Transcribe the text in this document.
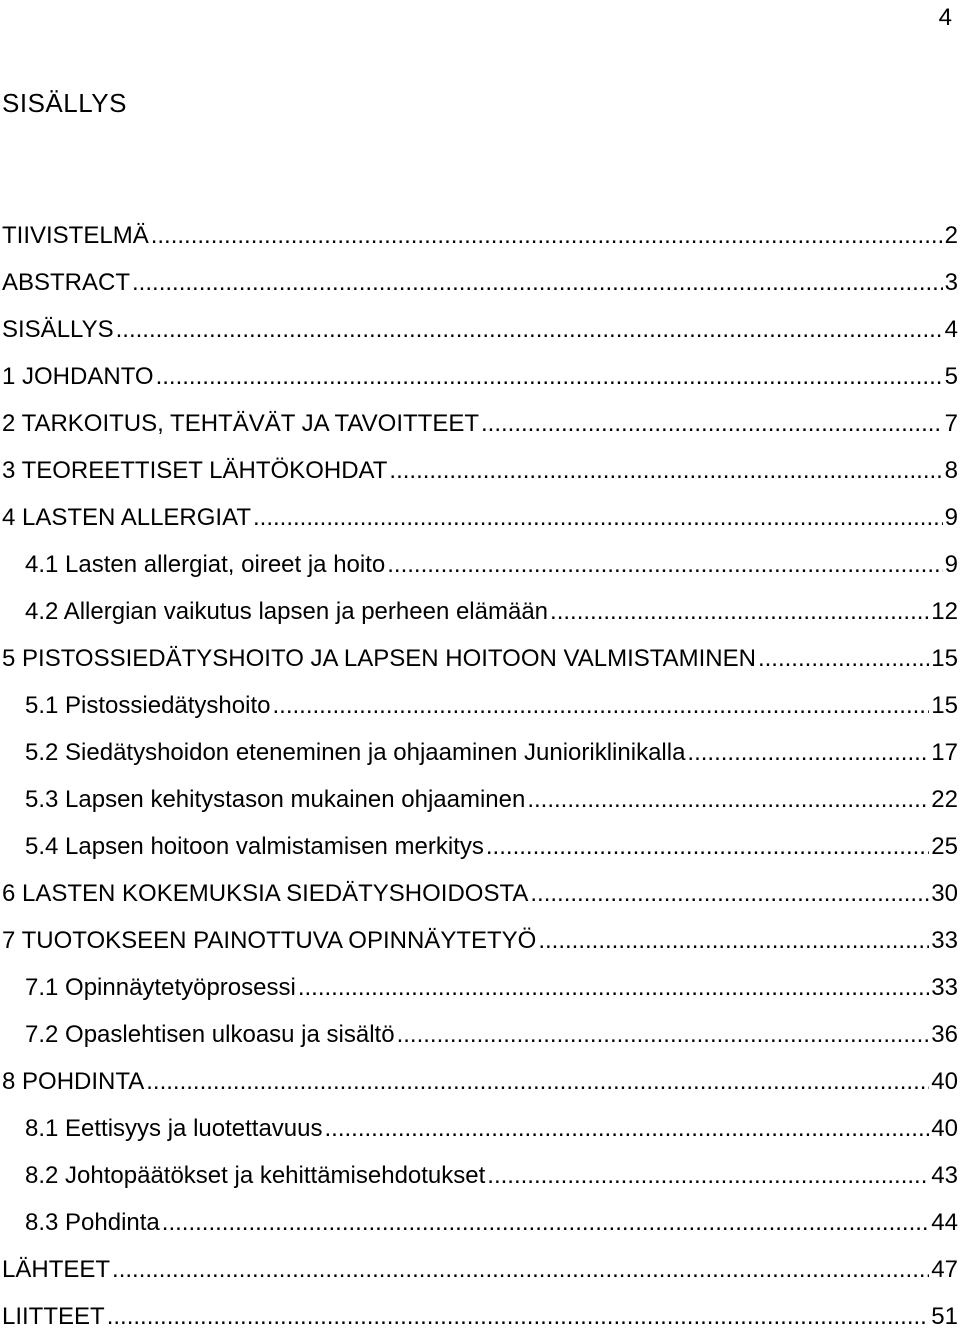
4
SISÄLLYS
TIIVISTELMÄ .....	2
ABSTRACT .....	3
SISÄLLYS .....	4
1 JOHDANTO .....	5
2 TARKOITUS, TEHTÄVÄT JA TAVOITTEET .....	7
3 TEOREETTISET LÄHTÖKOHDAT .....	8
4 LASTEN ALLERGIAT .....	9
4.1 Lasten allergiat, oireet ja hoito .....	9
4.2 Allergian vaikutus lapsen ja perheen elämään .....	12
5 PISTOSSIEDÄTYSHOITO JA LAPSEN HOITOON VALMISTAMINEN .....	15
5.1 Pistossiedätyshoito .....	15
5.2 Siedätyshoidon eteneminen ja ohjaaminen Junioriklinikalla .....	17
5.3 Lapsen kehitystason mukainen ohjaaminen .....	22
5.4 Lapsen hoitoon valmistamisen merkitys .....	25
6 LASTEN KOKEMUKSIA SIEDÄTYSHOIDOSTA .....	30
7 TUOTOKSEEN PAINOTTUVA OPINNÄYTETYÖ .....	33
7.1 Opinnäytetyöprosessi .....	33
7.2 Opaslehtisen ulkoasu ja sisältö .....	36
8 POHDINTA .....	40
8.1 Eettisyys ja luotettavuus .....	40
8.2 Johtopäätökset ja kehittämisehdotukset .....	43
8.3 Pohdinta .....	44
LÄHTEET .....	47
LIITTEET .....	51
